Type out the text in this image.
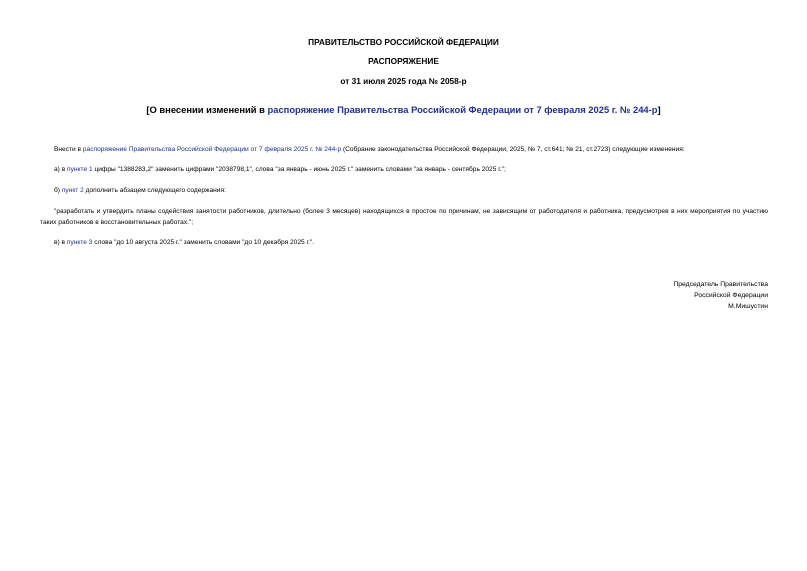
ПРАВИТЕЛЬСТВО РОССИЙСКОЙ ФЕДЕРАЦИИ
РАСПОРЯЖЕНИЕ
от 31 июля 2025 года № 2058-р
[О внесении изменений в распоряжение Правительства Российской Федерации от 7 февраля 2025 г. № 244-р]
Внести в распоряжение Правительства Российской Федерации от 7 февраля 2025 г. № 244-р (Собрание законодательства Российской Федерации, 2025, № 7, ст.641; № 21, ст.2723) следующие изменения:
а) в пункте 1 цифры "1388283,2" заменить цифрами "2038798,1", слова "за январь - июнь 2025 г." заменить словами "за январь - сентябрь 2025 г.";
б) пункт 2 дополнить абзацем следующего содержания:
"разработать и утвердить планы содействия занятости работников, длительно (более 3 месяцев) находящихся в простое по причинам, не зависящим от работодателя и работника, предусмотрев в них мероприятия по участию таких работников в восстановительных работах.";
в) в пункте 3 слова "до 10 августа 2025 г." заменить словами "до 10 декабря 2025 г.".
Председатель Правительства
Российской Федерации
М.Мишустин
